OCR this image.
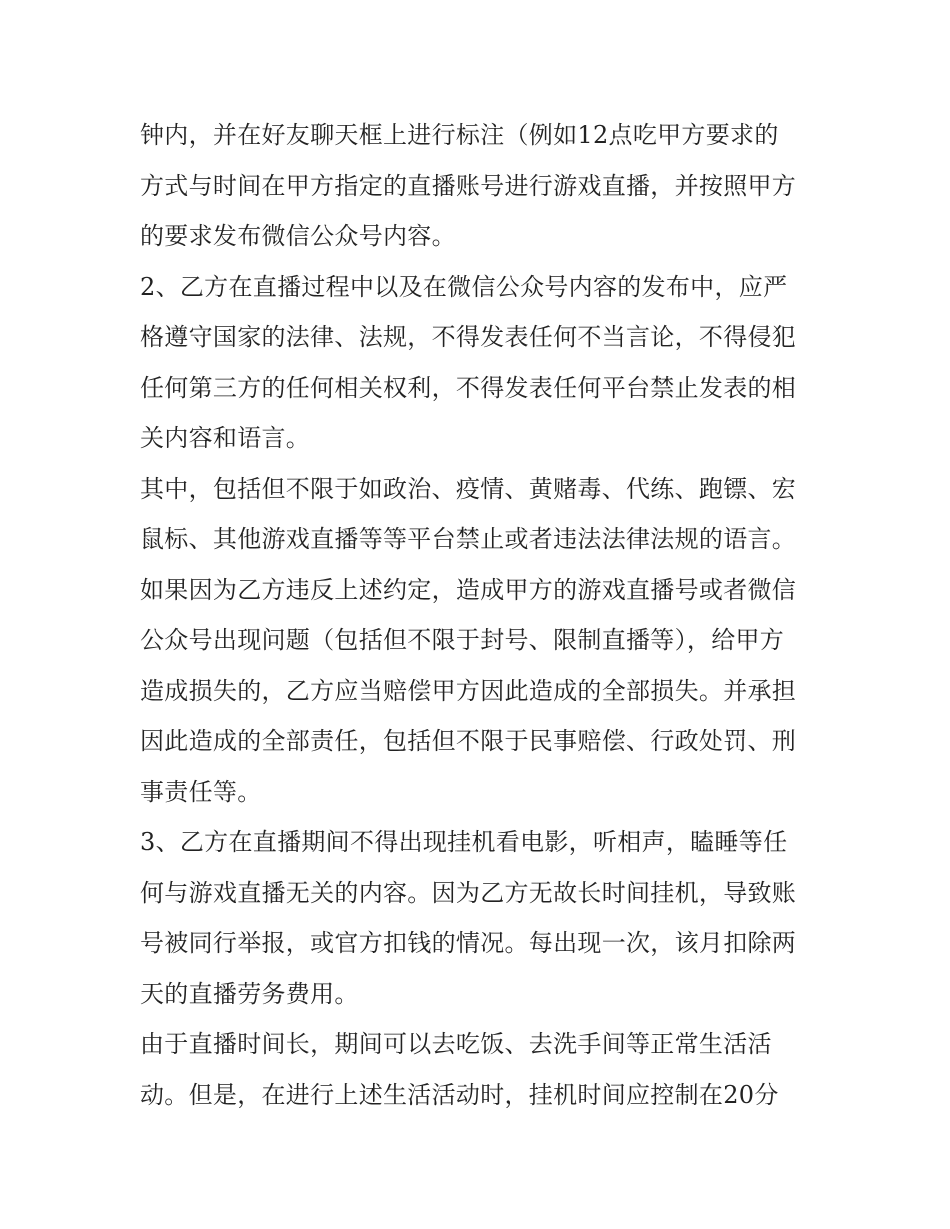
钟内，并在好友聊天框上进行标注（例如12点吃甲方要求的
方式与时间在甲方指定的直播账号进行游戏直播，并按照甲方
的要求发布微信公众号内容。
2、乙方在直播过程中以及在微信公众号内容的发布中，应严
格遵守国家的法律、法规，不得发表任何不当言论，不得侵犯
任何第三方的任何相关权利，不得发表任何平台禁止发表的相
关内容和语言。
其中，包括但不限于如政治、疫情、黄赌毒、代练、跑镖、宏
鼠标、其他游戏直播等等平台禁止或者违法法律法规的语言。
如果因为乙方违反上述约定，造成甲方的游戏直播号或者微信
公众号出现问题（包括但不限于封号、限制直播等），给甲方
造成损失的，乙方应当赔偿甲方因此造成的全部损失。并承担
因此造成的全部责任，包括但不限于民事赔偿、行政处罚、刑
事责任等。
3、乙方在直播期间不得出现挂机看电影，听相声，瞌睡等任
何与游戏直播无关的内容。因为乙方无故长时间挂机，导致账
号被同行举报，或官方扣钱的情况。每出现一次，该月扣除两
天的直播劳务费用。
由于直播时间长，期间可以去吃饭、去洗手间等正常生活活
动。但是，在进行上述生活活动时，挂机时间应控制在20分
